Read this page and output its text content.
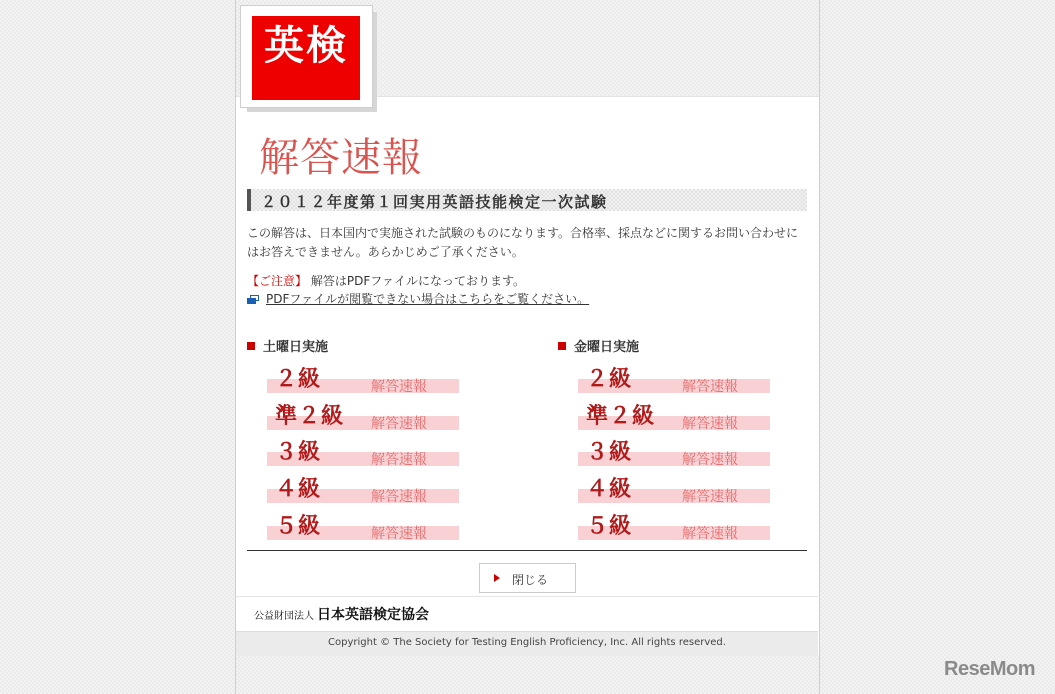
英検
解答速報
２０１２年度第１回実用英語技能検定一次試験
この解答は、日本国内で実施された試験のものになります。合格率、採点などに関するお問い合わせにはお答えできません。あらかじめご了承ください。
【ご注意】 解答はPDFファイルになっております。
PDFファイルが閲覧できない場合はこちらをご覧ください。
土曜日実施
２級	解答速報
準２級 解答速報
３級	解答速報
４級	解答速報
５級	解答速報
金曜日実施
２級	解答速報
準２級 解答速報
３級	解答速報
４級	解答速報
５級	解答速報
閉じる
公益財団法人 日本英語検定協会
Copyright © The Society for Testing English Proficiency, Inc. All rights reserved.
ReseMom
